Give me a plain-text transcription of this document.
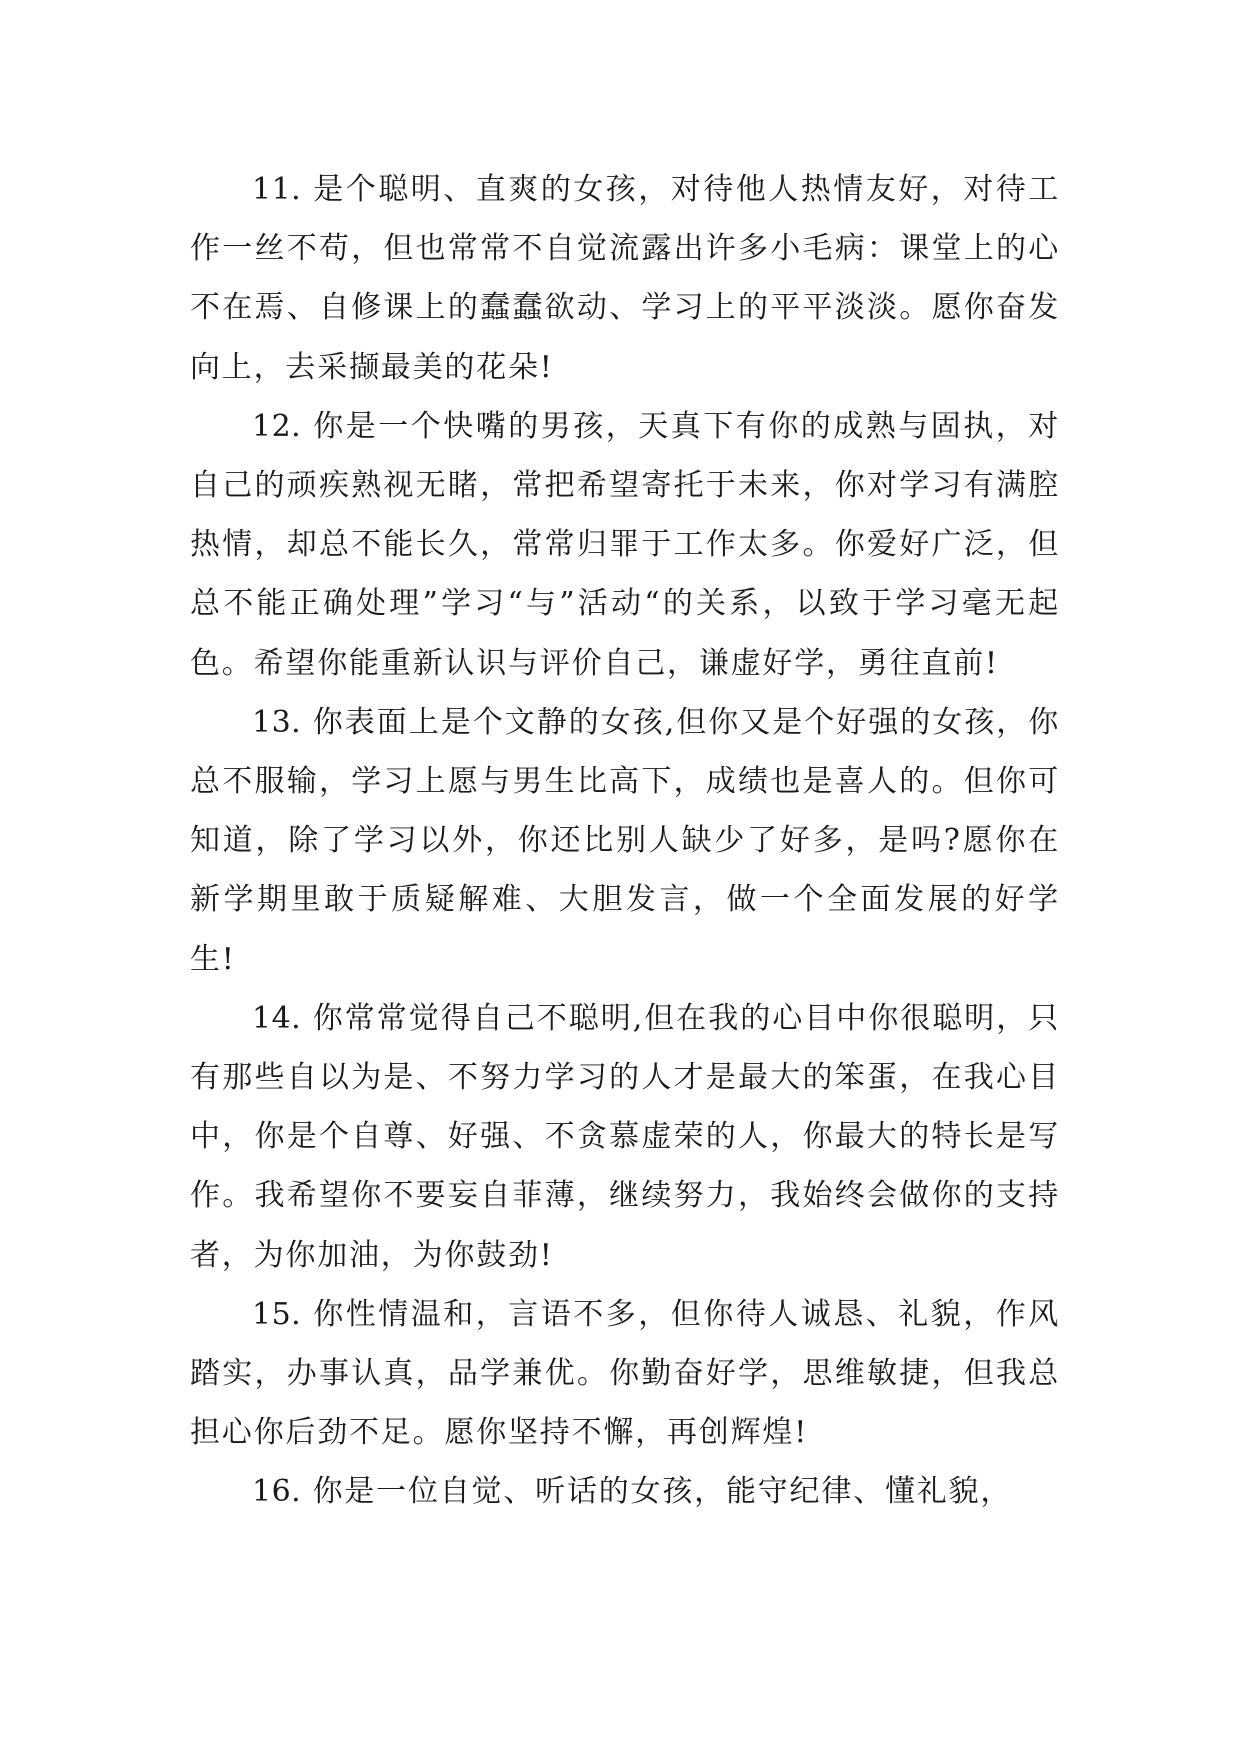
11. 是个聪明、直爽的女孩，对待他人热情友好，对待工作一丝不苟，但也常常不自觉流露出许多小毛病：课堂上的心不在焉、自修课上的蠢蠢欲动、学习上的平平淡淡。愿你奋发向上，去采撷最美的花朵!

12. 你是一个快嘴的男孩，天真下有你的成熟与固执，对自己的顽疾熟视无睹，常把希望寄托于未来，你对学习有满腔热情，却总不能长久，常常归罪于工作太多。你爱好广泛，但总不能正确处理”学习“与”活动“的关系，以致于学习毫无起色。希望你能重新认识与评价自己，谦虚好学，勇往直前!

13. 你表面上是个文静的女孩,但你又是个好强的女孩，你总不服输，学习上愿与男生比高下，成绩也是喜人的。但你可知道，除了学习以外，你还比别人缺少了好多，是吗?愿你在新学期里敢于质疑解难、大胆发言，做一个全面发展的好学生!

14. 你常常觉得自己不聪明,但在我的心目中你很聪明，只有那些自以为是、不努力学习的人才是最大的笨蛋，在我心目中，你是个自尊、好强、不贪慕虚荣的人，你最大的特长是写作。我希望你不要妄自菲薄，继续努力，我始终会做你的支持者，为你加油，为你鼓劲!

15. 你性情温和，言语不多，但你待人诚恳、礼貌，作风踏实，办事认真，品学兼优。你勤奋好学，思维敏捷，但我总担心你后劲不足。愿你坚持不懈，再创辉煌!

16. 你是一位自觉、听话的女孩，能守纪律、懂礼貌，
